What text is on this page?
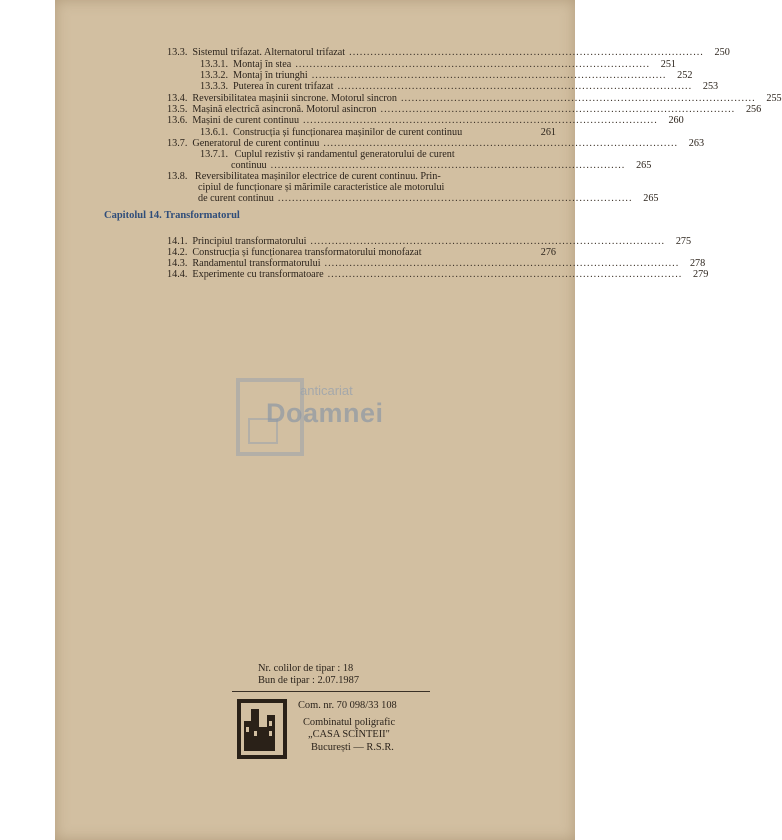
13.3. Sistemul trifazat. Alternatorul trifazat ....................................................................................................	250
13.3.1. Montaj în stea ....................................................................................................	251
13.3.2. Montaj în triunghi ....................................................................................................	252
13.3.3. Puterea în curent trifazat ....................................................................................................	253
13.4. Reversibilitatea mașinii sincrone. Motorul sincron ....................................................................................................	255
13.5. Mașină electrică asincronă. Motorul asincron ....................................................................................................	256
13.6. Mașini de curent continuu ....................................................................................................	260
13.6.1. Construcția și funcționarea mașinilor de curent continuu	261
13.7. Generatorul de curent continuu ....................................................................................................	263
13.7.1. Cuplul rezistiv și randamentul generatorului de curent
continuu ....................................................................................................	265
13.8. Reversibilitatea mașinilor electrice de curent continuu. Prin-
cipiul de funcționare și mărimile caracteristice ale motorului
de curent continuu ....................................................................................................	265
Capitolul 14. Transformatorul
14.1. Principiul transformatorului ....................................................................................................	275
14.2. Construcția și funcționarea transformatorului monofazat	276
14.3. Randamentul transformatorului ....................................................................................................	278
14.4. Experimente cu transformatoare ....................................................................................................	279
anticariat
Doamnei
Nr. colilor de tipar : 18
Bun de tipar : 2.07.1987
Com. nr. 70 098/33 108
Combinatul poligrafic
„CASA SCÎNTEII"
București — R.S.R.
